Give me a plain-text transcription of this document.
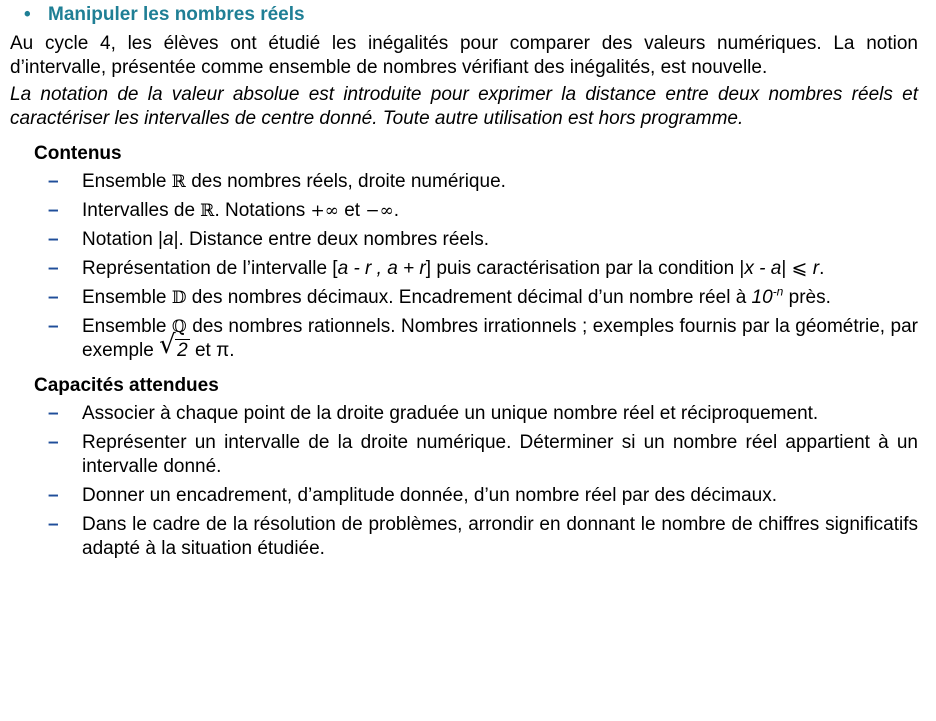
• Manipuler les nombres réels

Au cycle 4, les élèves ont étudié les inégalités pour comparer des valeurs numériques. La notion d’intervalle, présentée comme ensemble de nombres vérifiant des inégalités, est nouvelle.

La notation de la valeur absolue est introduite pour exprimer la distance entre deux nombres réels et caractériser les intervalles de centre donné. Toute autre utilisation est hors programme.

Contenus
– Ensemble ℝ des nombres réels, droite numérique.
– Intervalles de ℝ. Notations +∞ et −∞.
– Notation |a|. Distance entre deux nombres réels.
– Représentation de l’intervalle [a - r , a + r] puis caractérisation par la condition |x - a| ⩽ r.
– Ensemble 𝔻 des nombres décimaux. Encadrement décimal d’un nombre réel à $10^{-n}$ près.
– Ensemble ℚ des nombres rationnels. Nombres irrationnels ; exemples fournis par la géométrie, par exemple √ 2 et π.
Capacités attendues
– Associer à chaque point de la droite graduée un unique nombre réel et réciproquement.
– Représenter un intervalle de la droite numérique. Déterminer si un nombre réel appartient à un intervalle donné.
– Donner un encadrement, d’amplitude donnée, d’un nombre réel par des décimaux.
– Dans le cadre de la résolution de problèmes, arrondir en donnant le nombre de chiffres significatifs adapté à la situation étudiée.
